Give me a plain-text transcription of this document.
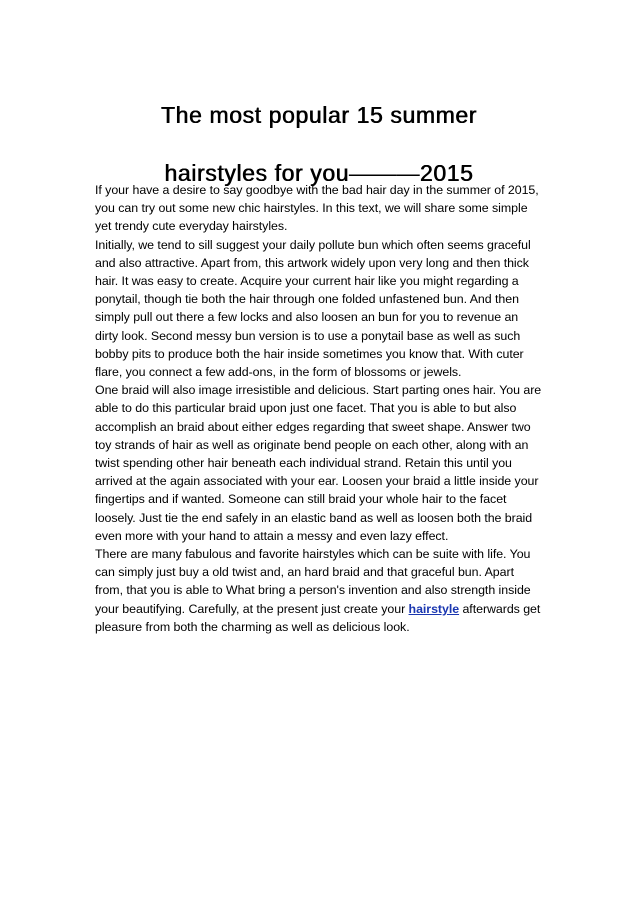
The most popular 15 summer
hairstyles for you———2015

If your have a desire to say goodbye with the bad hair day in the summer of 2015, you can try out some new chic hairstyles. In this text, we will share some simple yet trendy cute everyday hairstyles.

Initially, we tend to sill suggest your daily pollute bun which often seems graceful and also attractive. Apart from, this artwork widely upon very long and then thick hair. It was easy to create. Acquire your current hair like you might regarding a ponytail, though tie both the hair through one folded unfastened bun. And then simply pull out there a few locks and also loosen an bun for you to revenue an dirty look. Second messy bun version is to use a ponytail base as well as such bobby pits to produce both the hair inside sometimes you know that. With cuter flare, you connect a few add-ons, in the form of blossoms or jewels.

One braid will also image irresistible and delicious. Start parting ones hair. You are able to do this particular braid upon just one facet. That you is able to but also accomplish an braid about either edges regarding that sweet shape. Answer two toy strands of hair as well as originate bend people on each other, along with an twist spending other hair beneath each individual strand. Retain this until you arrived at the again associated with your ear. Loosen your braid a little inside your fingertips and if wanted. Someone can still braid your whole hair to the facet loosely. Just tie the end safely in an elastic band as well as loosen both the braid even more with your hand to attain a messy and even lazy effect.

There are many fabulous and favorite hairstyles which can be suite with life. You can simply just buy a old twist and, an hard braid and that graceful bun. Apart from, that you is able to What bring a person's invention and also strength inside your beautifying. Carefully, at the present just create your hairstyle afterwards get pleasure from both the charming as well as delicious look.
